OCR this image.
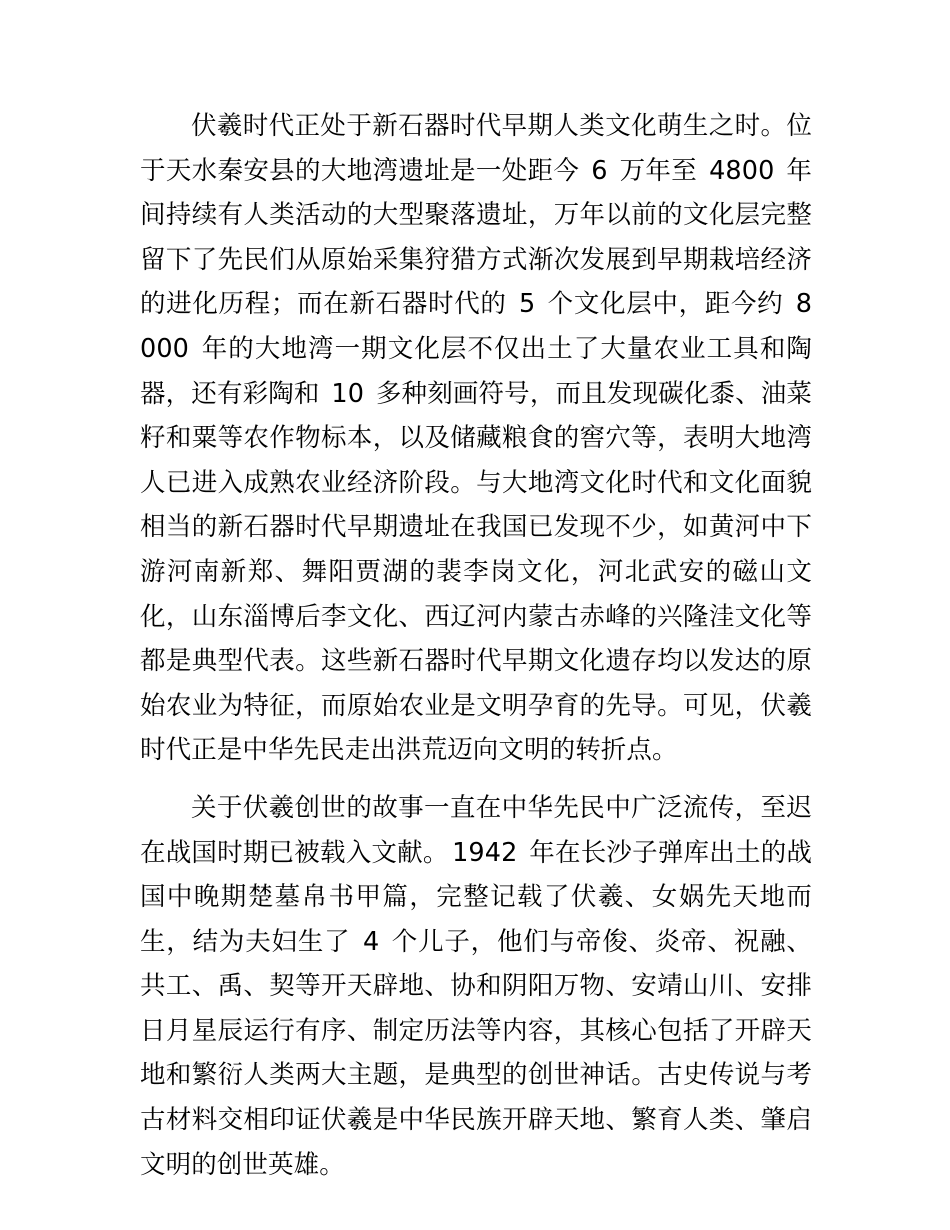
伏羲时代正处于新石器时代早期人类文化萌生之时。位于天水秦安县的大地湾遗址是一处距今 6 万年至 4800 年间持续有人类活动的大型聚落遗址，万年以前的文化层完整留下了先民们从原始采集狩猎方式渐次发展到早期栽培经济的进化历程；而在新石器时代的 5 个文化层中，距今约 8000 年的大地湾一期文化层不仅出土了大量农业工具和陶器，还有彩陶和 10 多种刻画符号，而且发现碳化黍、油菜籽和粟等农作物标本，以及储藏粮食的窖穴等，表明大地湾人已进入成熟农业经济阶段。与大地湾文化时代和文化面貌相当的新石器时代早期遗址在我国已发现不少，如黄河中下游河南新郑、舞阳贾湖的裴李岗文化，河北武安的磁山文化，山东淄博后李文化、西辽河内蒙古赤峰的兴隆洼文化等都是典型代表。这些新石器时代早期文化遗存均以发达的原始农业为特征，而原始农业是文明孕育的先导。可见，伏羲时代正是中华先民走出洪荒迈向文明的转折点。

关于伏羲创世的故事一直在中华先民中广泛流传，至迟在战国时期已被载入文献。 1942 年在长沙子弹库出土的战国中晚期楚墓帛书甲篇，完整记载了伏羲、女娲先天地而生，结为夫妇生了 4 个儿子，他们与帝俊、炎帝、祝融、共工、禹、契等开天辟地、协和阴阳万物、安靖山川、安排日月星辰运行有序、制定历法等内容，其核心包括了开辟天地和繁衍人类两大主题，是典型的创世神话。古史传说与考古材料交相印证伏羲是中华民族开辟天地、繁育人类、肇启文明的创世英雄。
